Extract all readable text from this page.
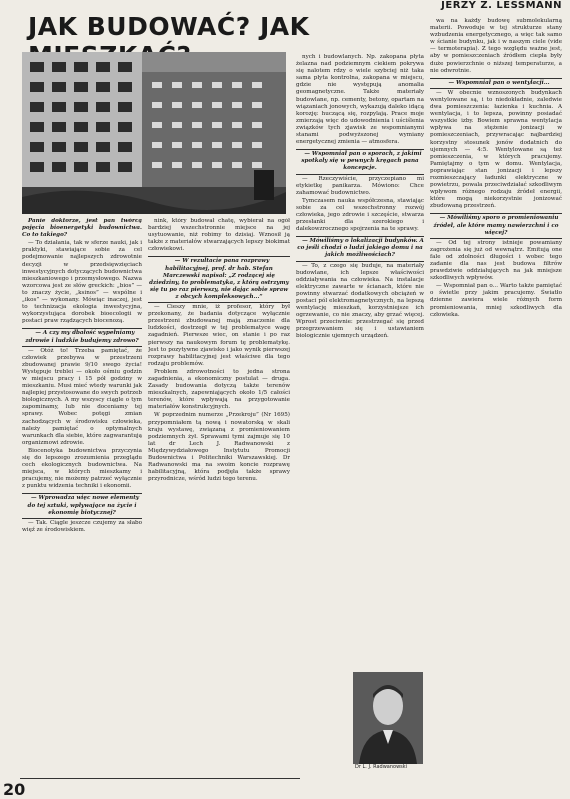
JERZY Z. LESSMANN
JAK BUDOWAĆ? JAK

Panie doktorze, jest pan twórcą pojęcia bioenergetyki budownictwa. Co to takiego?

— To działania, tak w sferze nauki, jak i praktyki, stawiające sobie za cel podejmowanie najlepszych zdrowotnie decyzji w przedsięwzięciach inwestycyjnych dotyczących budownictwa mieszkaniowego i przemysłowego. Nazwa wzorcowa jest ze słów greckich: „bios” — to znaczy życie, „ksinos” — wspólne i „ikos” — wykonany. Mówiąc inaczej, jest to technizacja ekologia inwestycyjna, wykorzystująca dorobek bioecologii w postaci praw rządzących biocenozą.

— A czy my dbałość wypełniamy zdrowie i ludzkie budujemy zdrowo?

— Otóż to! Trzeba pamiętać, że człowiek przebywa w przestrzeni zbudowanej prawie 9/10 swego życia! Występuje treblei — około ośmiu godzin w miejscu pracy i 15 pół godziny w mieszkaniu. Musi mieć wtedy warunki jak najlepiej przystosowane do swych potrzeb biologicznych. A my wszyscy ciągle o tym zapominamy, lub nie doceniamy tej sprawy. Wobec potęgi zmian zachodzących w środowisku człowieka, należy pamiętać o optymalnych warunkach dla siebie, które zagwarantują organizmowi zdrowie.

Biocenotyka budownictwa przyczynia się do lepszego zrozumienia przeglądu cech ekologicznych budownictwa. Na miejsca, w których mieszkamy i pracujemy, nie możemy patrzeć wyłącznie z punktu widzenia techniki i ekonomii.

— Wprowadza więc nowe elementy do tej sztuki, wpływające na życie i ekonomię biotycznej?

— Tak. Ciągle jeszcze czujemy za słabo więź ze środowiskiem.

nink, który budował chatę, wybierał na ogół bardziej wszechstronnie miejsce na jej usytuowanie, niż robimy to dzisiaj. Wznosił ją także z materiałów stwarzających lepszy biokimat człowiekowi.

— W rezultacie pana rozprawy habilitacyjnej, prof. dr hab. Stefan Marczewski napisał: „Z rodzącej się dziedziny, to problematyka, z którą ostrzymy się tu po raz pierwszy, nie dając sobie spraw z obcych kompleksowych...”

— Cieszy mnie, iż profesor, który był przekonany, że badania dotyczące wyłącznie przestrzeni zbudowanej mają znaczenie dla ludzkości, dostrzegł w tej problematyce wagę zagadnień. Pierwsze wiec, on stanie i po raz pierwszy na naukowym forum tę problematykę. Jest to pozytywne zjawisko i jako wynik pierwszej rozprawy habilitacyjnej jest właściwe dla tego rodzaju problemów.

Problem zdrowotności to jedna strona zagadnienia, a ekonomiczny postulat — druga. Zasady budowania dotyczą także terenów mieszkalnych, zapewniających około 1/5 całości terenów, które wpływają na przygotowanie materiałów konstrukcyjnych.

W poprzednim numerze „Przekroju” (Nr 1695) przypomniałem tą nową i nowatorską w skali kraju wystawę, związaną z promieniowaniem podziemnych żył. Sprawami tymi zajmuje się 10 lat dr Lech J. Radwanowski z Międzywydziałowego Instytutu Promocji Budownictwa i Politechniki Warszawskiej. Dr Radwanowski ma na swoim koncie rozprawę habilitacyjną, która podjęła także sprawy przyrodnicze, wśród ludzi tego terenu.

nych i budowlanych. Np. zakopana płyta żelazna nad podziemnym ciekiem pokrywa się nalotem rdzy o wiele szybciej niż taka sama płyta kontrolna, zakopana w miejscu, gdzie nie występują anomalia geomagnetyczne. Także materiały budowlane, np. cementy, betony, opartam na wiązaniach jonowych, wykazują daleko idącą korozję: huczącą się, rozpylają. Prace moje zmierzają więc do udowodnienia i uściślenia związków tych zjawisk ze wspomnianymi stanami podwyższonej wymiany energetycznej zmienia — atmosfera.

— Wspomniał pan o sporach, z jakimi spotkały się w pewnych kręgach pana koncepcje.

— Rzeczywiście, przyczepiano mi etykietkę panikarza. Mówiono: Chce zahamować budownictwo.

Tymczasem nauka współczesna, stawiając sobie za cel wszechstronny rozwój człowieka, jego zdrowie i szczęście, stwarza przesłanki dla szerokiego i dalekowzrocznego spojrzenia na te sprawy.

— Mówiliśmy o lokalizacji budynków. A co jeśli chodzi o ludzi jakiego domu i na jakich możliwościach?

— To, z czego się buduje, na materiały budowlane, ich lepsze właściwości oddziaływania na człowieka. Na instalacje elektryczne zawarte w ścianach, które nie powinny stwarzać dodatkowych obciążeń w postaci pól elektromagnetycznych, na lepszą wentylację mieszkań, korzystniejsze ich ogrzewanie, co nie znaczy, aby grzać więcej. Wprost przeciwnie: przestrzegać się przed przegrzewaniem się i ustawianiem biologicznie ujemnych urządzeń.

wa na każdy budowę submolekularną materii. Powoduje w tej strukturze stany wzbudzenia energetycznego, a więc tak samo w ścianie budynku, jak i w naszym ciele (vide — termoterapia). Z tego względu ważne jest, aby w pomieszczeniach źródłem ciepła były duże powierzchnie o niższej temperaturze, a nie odwrotnie.

— Wspomniał pan o wentylacji...

— W obecnie wznoszonych budynkach wentylowane są, i to niedokładnie, zaledwie dwa pomieszczenia: łazienka i kuchnia. A wentylacja, i to lepsza, powinny posiadać wszystkie izby. Bowiem sprawna wentylacja wpływa na stężenie jonizacji w pomieszczeniach, przywracając najbardziej korzystny stosunek jonów dodatnich do ujemnych — 4:5. Wentylowane są też pomieszczenia, w których pracujemy. Pamiętajmy o tym w domu. Wentylacja, poprawiając stan jonizacji i lepszy rozmieszczający ładunki elektryczne w powietrzu, powala przeciwdziałać szkodliwym wpływom różnego rodzaju źródeł energii, które mogą niekorzystnie jonizować zbudowaną przestrzeń.

— Mówiliśmy sporo o promieniowaniu źródeł, ale które mamy nawierzchni i co więcej?

— Od tej strony istnieje powamiany zagrożenia się już od wewnątrz. Emitują one fale od zdolności długości i wobec tego zadanie dla nas jest budowa filtrów prawdziwie oddziałujących na jak mniejsze szkodliwych wpływów.

— Wspomniał pan o... Warto także pamiętać o świetle przy jakim pracujemy. Światło dzienne zawiera wiele różnych form promieniowania, mniej szkodliwych dla człowieka.

Dr L. J. Radwanowski
20
